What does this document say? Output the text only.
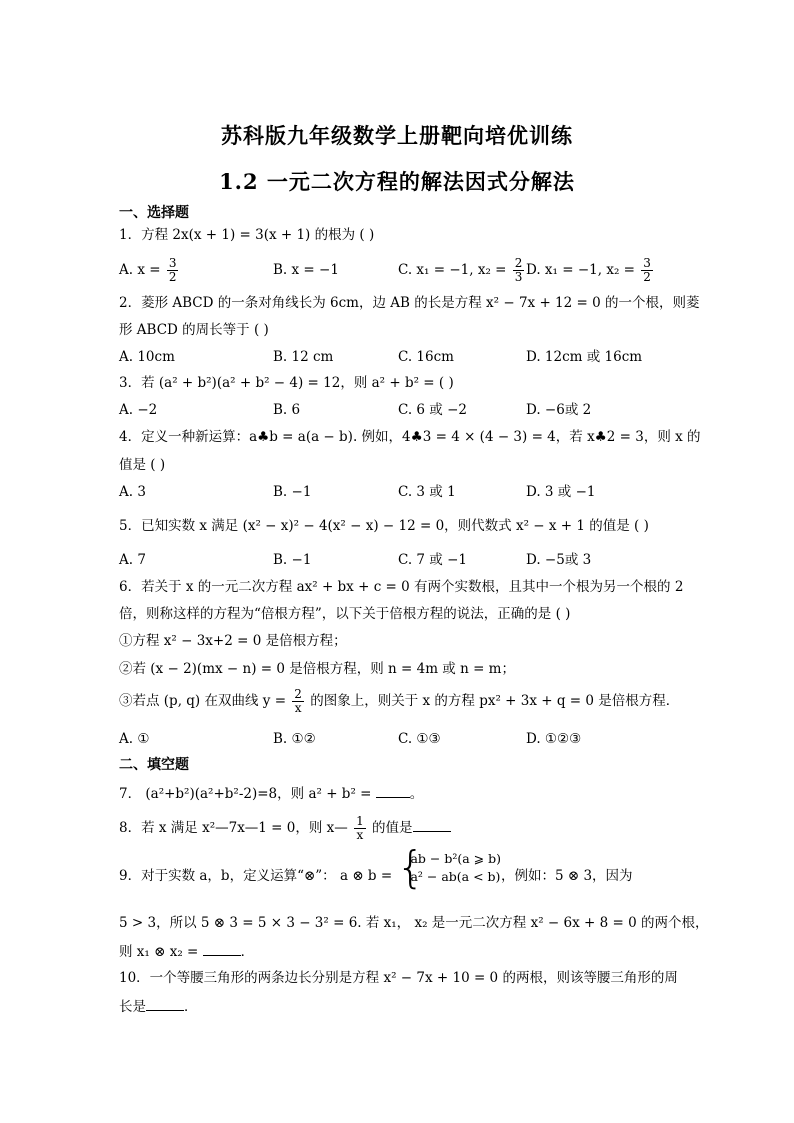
苏科版九年级数学上册靶向培优训练
1.2 一元二次方程的解法因式分解法
一、选择题
1．方程 2x(x + 1) = 3(x + 1) 的根为 ( )
A. $x = \frac{3}{2}$	B. x = −1	C. x₁ = −1, $x_2 = \frac{2}{3} D$. x₁ = −1, $x_2 = \frac{3}{2}$
2．菱形 ABCD 的一条对角线长为 6cm，边 AB 的长是方程 x² − 7x + 12 = 0 的一个根，则菱
形 ABCD 的周长等于 ( )
A. 10cm	B. 12 cm	C. 16cm	D. 12cm 或 16cm
3．若 (a² + b²)(a² + b² − 4) = 12，则 a² + b² = ( )
A. −2	B. 6	C. 6 或 −2	D. −6或 2
4．定义一种新运算：a♣b = a(a − b). 例如，4♣3 = 4 × (4 − 3) = 4，若 x♣2 = 3，则 x 的
值是 ( )
A. 3	B. −1	C. 3 或 1	D. 3 或 −1
5．已知实数 x 满足 (x² − x)² − 4(x² − x) − 12 = 0，则代数式 x² − x + 1 的值是 ( )
A. 7	B. −1	C. 7 或 −1	D. −5或 3
6．若关于 x 的一元二次方程 ax² + bx + c = 0 有两个实数根，且其中一个根为另一个根的 2
倍，则称这样的方程为“倍根方程”，以下关于倍根方程的说法，正确的是 ( )
①方程 x² − 3x+2 = 0 是倍根方程；
②若 (x − 2)(mx − n) = 0 是倍根方程，则 n = 4m 或 n = m；
③若点 (p, q) 在双曲线 $y = \frac{2}{x}$ 的图象上，则关于 x 的方程 px² + 3x + q = 0 是倍根方程．
A. ①	B. ①②	C. ①③	D. ①②③
二、填空题
7． (a²+b²)(a²+b²-2)=8，则 a² + b² =	。
8．若 x 满足 x²—7x—1 = 0，则 x— $\frac{1}{x}$ 的值是
9．对于实数 a，b，定义运算“⊗”： a ⊗ b = {
ab − b²(a ⩾ b)
a² − ab(a < b) ，例如：5 ⊗ 3，因为
5 > 3，所以 5 ⊗ 3 = 5 × 3 − 3² = 6. 若 x₁， x₂ 是一元二次方程 x² − 6x + 8 = 0 的两个根，
则 x₁ ⊗ x₂ =	．
10．一个等腰三角形的两条边长分别是方程 x² − 7x + 10 = 0 的两根，则该等腰三角形的周
长是	．
